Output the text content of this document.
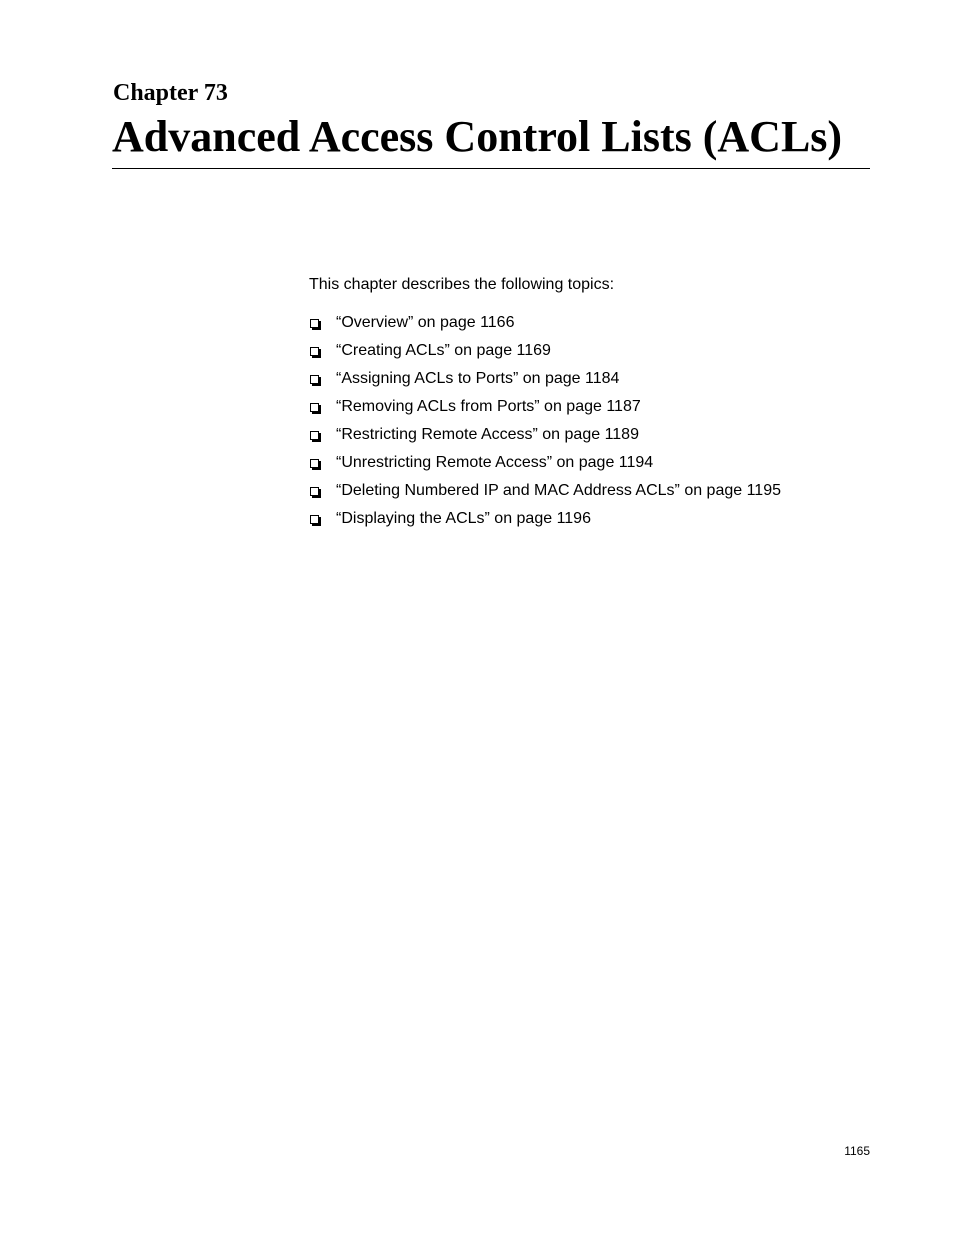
Chapter 73
Advanced Access Control Lists (ACLs)

This chapter describes the following topics:

“Overview” on page 1166
“Creating ACLs” on page 1169
“Assigning ACLs to Ports” on page 1184
“Removing ACLs from Ports” on page 1187
“Restricting Remote Access” on page 1189
“Unrestricting Remote Access” on page 1194
“Deleting Numbered IP and MAC Address ACLs” on page 1195
“Displaying the ACLs” on page 1196
1165
